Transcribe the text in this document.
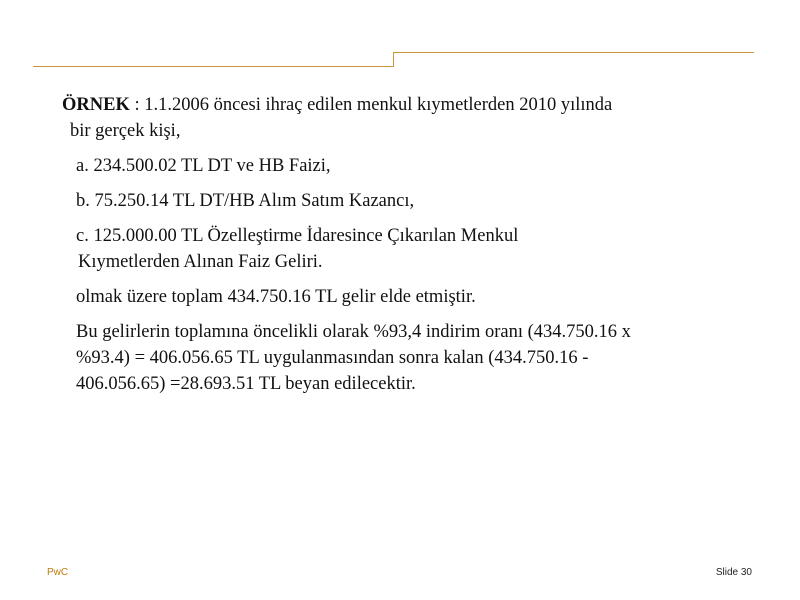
ÖRNEK : 1.1.2006 öncesi ihraç edilen menkul kıymetlerden 2010 yılında
bir gerçek kişi,

a. 234.500.02 TL DT ve HB Faizi,

b. 75.250.14 TL DT/HB Alım Satım Kazancı,

c. 125.000.00 TL Özelleştirme İdaresince Çıkarılan Menkul
Kıymetlerden Alınan Faiz Geliri.

olmak üzere toplam 434.750.16 TL gelir elde etmiştir.

Bu gelirlerin toplamına öncelikli olarak %93,4 indirim oranı (434.750.16 x
%93.4) = 406.056.65 TL uygulanmasından sonra kalan (434.750.16 -
406.056.65) =28.693.51 TL beyan edilecektir.

PwC	Slide 30
